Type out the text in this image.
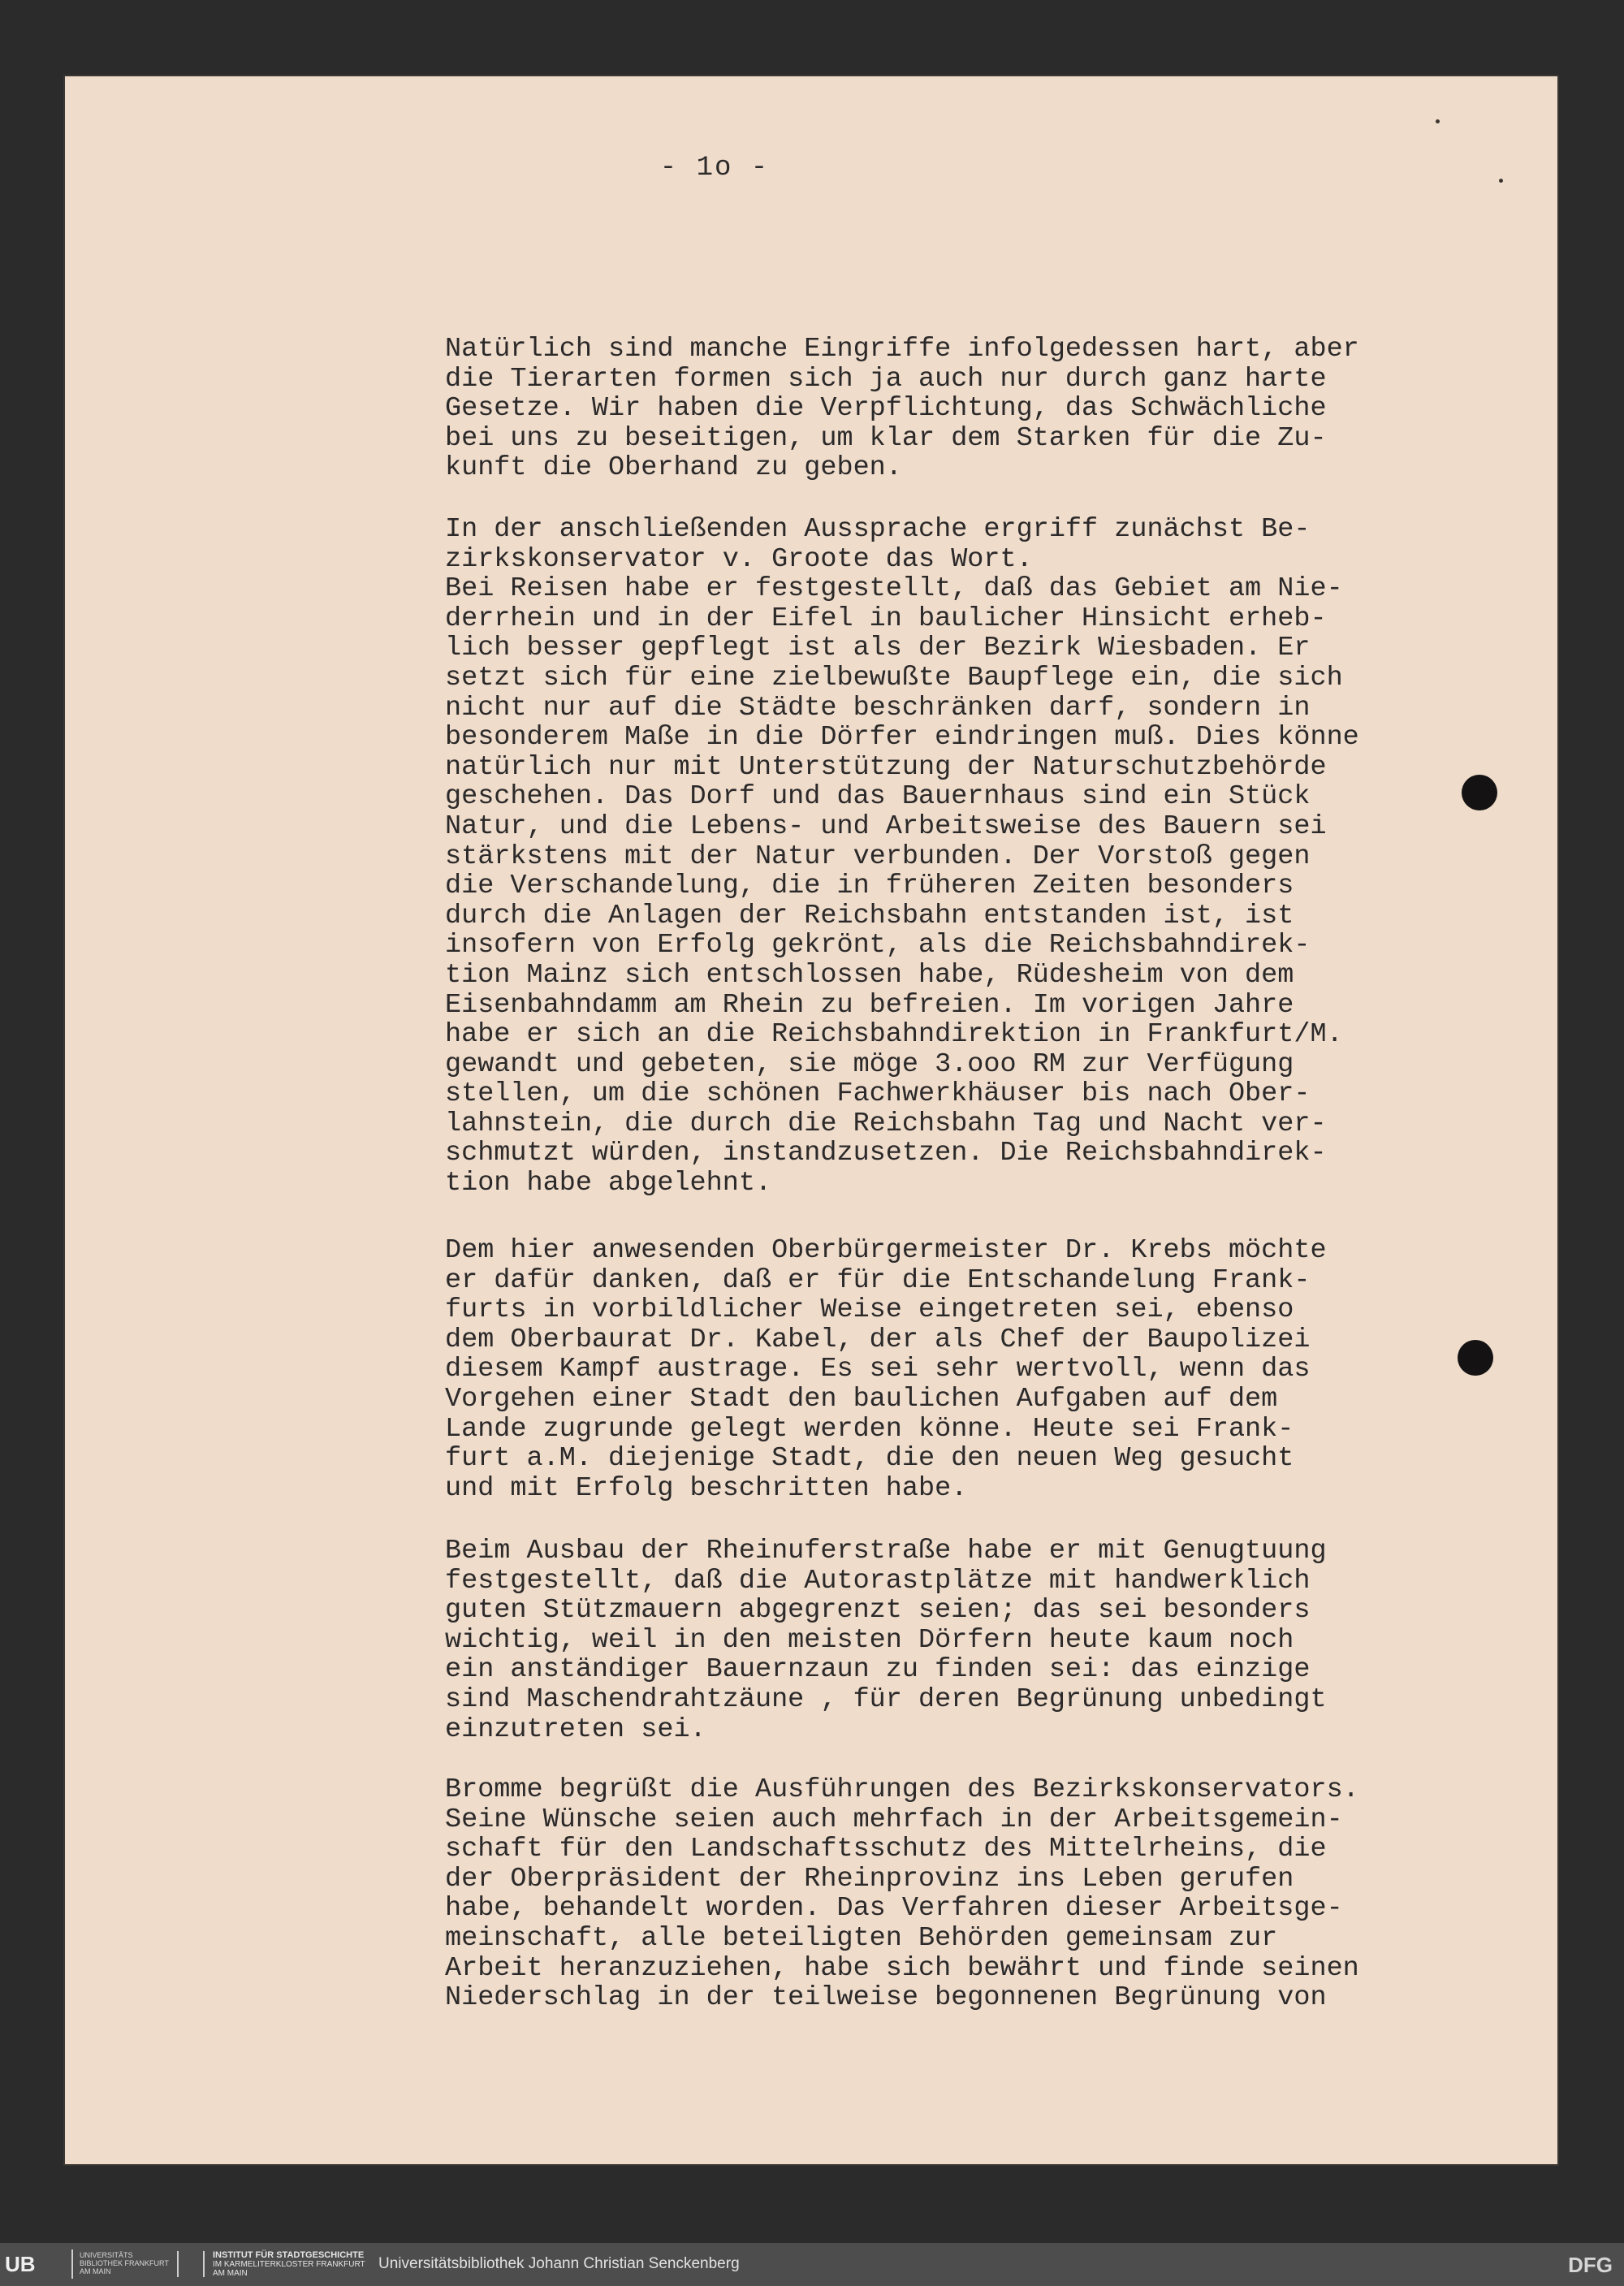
- 1o -
Natürlich sind manche Eingriffe infolgedessen hart, aber
die Tierarten formen sich ja auch nur durch ganz harte
Gesetze. Wir haben die Verpflichtung, das Schwächliche
bei uns zu beseitigen, um klar dem Starken für die Zu-
kunft die Oberhand zu geben.
In der anschließenden Aussprache ergriff zunächst Be-
zirkskonservator v. Groote das Wort.
Bei Reisen habe er festgestellt, daß das Gebiet am Nie-
derrhein und in der Eifel in baulicher Hinsicht erheb-
lich besser gepflegt ist als der Bezirk Wiesbaden. Er
setzt sich für eine zielbewußte Baupflege ein, die sich
nicht nur auf die Städte beschränken darf, sondern in
besonderem Maße in die Dörfer eindringen muß. Dies könne
natürlich nur mit Unterstützung der Naturschutzbehörde
geschehen. Das Dorf und das Bauernhaus sind ein Stück
Natur, und die Lebens- und Arbeitsweise des Bauern sei
stärkstens mit der Natur verbunden. Der Vorstoß gegen
die Verschandelung, die in früheren Zeiten besonders
durch die Anlagen der Reichsbahn entstanden ist, ist
insofern von Erfolg gekrönt, als die Reichsbahndirek-
tion Mainz sich entschlossen habe, Rüdesheim von dem
Eisenbahndamm am Rhein zu befreien. Im vorigen Jahre
habe er sich an die Reichsbahndirektion in Frankfurt/M.
gewandt und gebeten, sie möge 3.ooo RM zur Verfügung
stellen, um die schönen Fachwerkhäuser bis nach Ober-
lahnstein, die durch die Reichsbahn Tag und Nacht ver-
schmutzt würden, instandzusetzen. Die Reichsbahndirek-
tion habe abgelehnt.
Dem hier anwesenden Oberbürgermeister Dr. Krebs möchte
er dafür danken, daß er für die Entschandelung Frank-
furts in vorbildlicher Weise eingetreten sei, ebenso
dem Oberbaurat Dr. Kabel, der als Chef der Baupolizei
diesem Kampf austrage. Es sei sehr wertvoll, wenn das
Vorgehen einer Stadt den baulichen Aufgaben auf dem
Lande zugrunde gelegt werden könne. Heute sei Frank-
furt a.M. diejenige Stadt, die den neuen Weg gesucht
und mit Erfolg beschritten habe.
Beim Ausbau der Rheinuferstraße habe er mit Genugtuung
festgestellt, daß die Autorastplätze mit handwerklich
guten Stützmauern abgegrenzt seien; das sei besonders
wichtig, weil in den meisten Dörfern heute kaum noch
ein anständiger Bauernzaun zu finden sei: das einzige
sind Maschendrahtzäune , für deren Begrünung unbedingt
einzutreten sei.
Bromme begrüßt die Ausführungen des Bezirkskonservators.
Seine Wünsche seien auch mehrfach in der Arbeitsgemein-
schaft für den Landschaftsschutz des Mittelrheins, die
der Oberpräsident der Rheinprovinz ins Leben gerufen
habe, behandelt worden. Das Verfahren dieser Arbeitsge-
meinschaft, alle beteiligten Behörden gemeinsam zur
Arbeit heranzuziehen, habe sich bewährt und finde seinen
Niederschlag in der teilweise begonnenen Begrünung von
UB	UNIVERSITÄTS BIBLIOTHEK FRANKFURT AM MAIN
INSTITUT FÜR STADTGESCHICHTE
IM KARMELITERKLOSTER FRANKFURT AM MAIN
Universitätsbibliothek Johann Christian Senckenberg	DFG
